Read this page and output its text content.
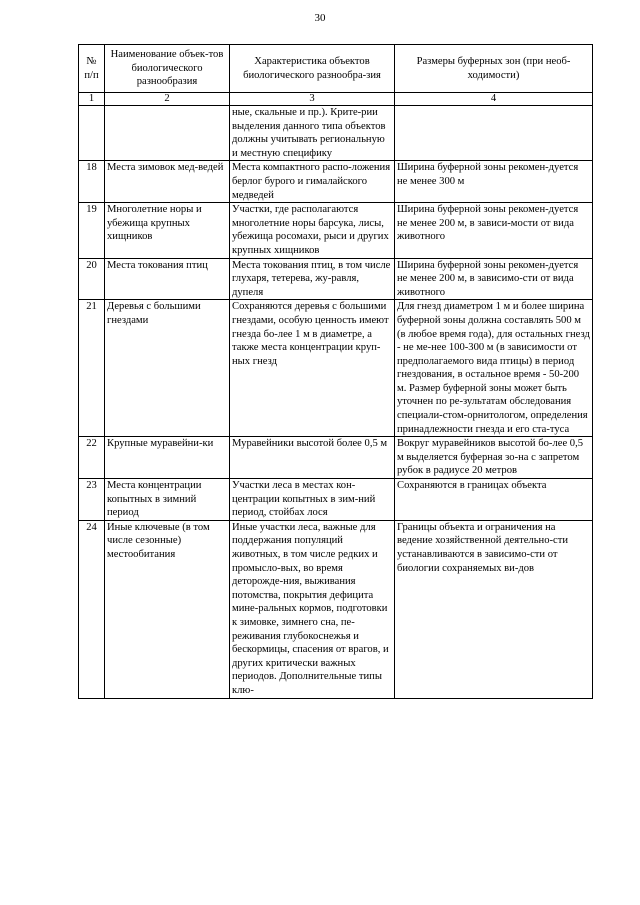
30
№ п/п	Наименование объек-тов биологического разнообразия	Характеристика объектов биологического разнообра-зия	Размеры буферных зон (при необ-ходимости)
1	2	3	4
		ные, скальные и пр.). Крите-рии выделения данного типа объектов должны учитывать региональную и местную специфику	
18	Места зимовок мед-ведей	Места компактного распо-ложения берлог бурого и гималайского медведей	Ширина буферной зоны рекомен-дуется не менее 300 м
19	Многолетние норы и убежища крупных хищников	Участки, где располагаются многолетние норы барсука, лисы, убежища росомахи, рыси и других крупных хищников	Ширина буферной зоны рекомен-дуется не менее 200 м, в зависи-мости от вида животного
20	Места токования птиц	Места токования птиц, в том числе глухаря, тетерева, жу-равля, дупеля	Ширина буферной зоны рекомен-дуется не менее 200 м, в зависимо-сти от вида животного
21	Деревья с большими гнездами	Сохраняются деревья с большими гнездами, особую ценность имеют гнезда бо-лее 1 м в диаметре, а также места концентрации круп-ных гнезд	Для гнезд диаметром 1 м и более ширина буферной зоны должна составлять 500 м (в любое время года), для остальных гнезд - не ме-нее 100-300 м (в зависимости от предполагаемого вида птицы) в период гнездования, в остальное время - 50-200 м. Размер буферной зоны может быть уточнен по ре-зультатам обследования специали-стом-орнитологом, определения принадлежности гнезда и его ста-туса
22	Крупные муравейни-ки	Муравейники высотой более 0,5 м	Вокруг муравейников высотой бо-лее 0,5 м выделяется буферная зо-на с запретом рубок в радиусе 20 метров
23	Места концентрации копытных в зимний период	Участки леса в местах кон-центрации копытных в зим-ний период, стойбах лося	Сохраняются в границах объекта
24	Иные ключевые (в том числе сезонные) местообитания	Иные участки леса, важные для поддержания популяций животных, в том числе редких и промысло-вых, во время деторожде-ния, выживания потомства, покрытия дефицита мине-ральных кормов, подготовки к зимовке, зимнего сна, пе-реживания глубокоснежья и бескормицы, спасения от врагов, и других критически важных периодов. Дополнительные типы клю-	Границы объекта и ограничения на ведение хозяйственной деятельно-сти устанавливаются в зависимо-сти от биологии сохраняемых ви-дов
